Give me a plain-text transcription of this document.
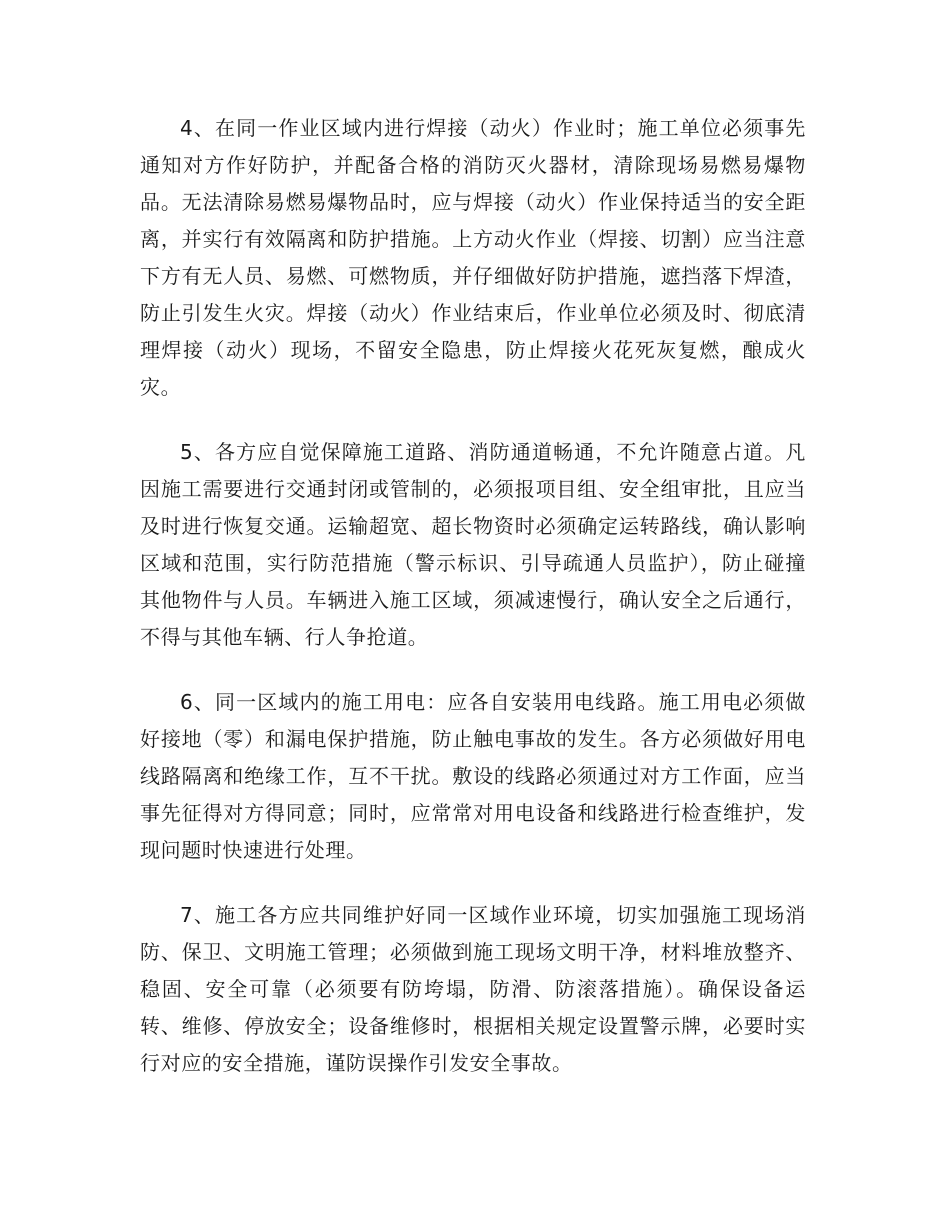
4、在同一作业区域内进行焊接（动火）作业时；施工单位必须事先通知对方作好防护，并配备合格的消防灭火器材，清除现场易燃易爆物品。无法清除易燃易爆物品时，应与焊接（动火）作业保持适当的安全距离，并实行有效隔离和防护措施。上方动火作业（焊接、切割）应当注意下方有无人员、易燃、可燃物质，并仔细做好防护措施，遮挡落下焊渣，防止引发生火灾。焊接（动火）作业结束后，作业单位必须及时、彻底清理焊接（动火）现场，不留安全隐患，防止焊接火花死灰复燃，酿成火灾。

5、各方应自觉保障施工道路、消防通道畅通，不允许随意占道。凡因施工需要进行交通封闭或管制的，必须报项目组、安全组审批，且应当及时进行恢复交通。运输超宽、超长物资时必须确定运转路线，确认影响区域和范围，实行防范措施（警示标识、引导疏通人员监护），防止碰撞其他物件与人员。车辆进入施工区域，须减速慢行，确认安全之后通行，不得与其他车辆、行人争抢道。

6、同一区域内的施工用电：应各自安装用电线路。施工用电必须做好接地（零）和漏电保护措施，防止触电事故的发生。各方必须做好用电线路隔离和绝缘工作，互不干扰。敷设的线路必须通过对方工作面，应当事先征得对方得同意；同时，应常常对用电设备和线路进行检查维护，发现问题时快速进行处理。

7、施工各方应共同维护好同一区域作业环境，切实加强施工现场消防、保卫、文明施工管理；必须做到施工现场文明干净，材料堆放整齐、稳固、安全可靠（必须要有防垮塌，防滑、防滚落措施）。确保设备运转、维修、停放安全；设备维修时，根据相关规定设置警示牌，必要时实行对应的安全措施，谨防误操作引发安全事故。
